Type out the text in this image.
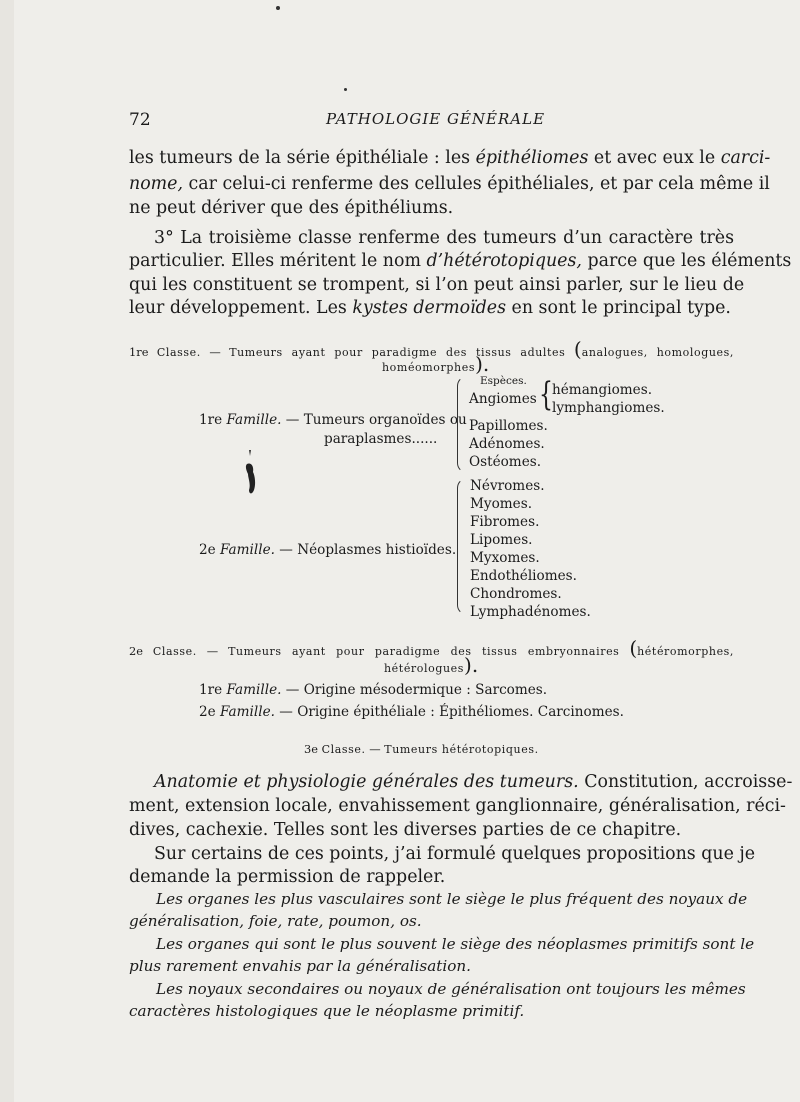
72	PATHOLOGIE GÉNÉRALE
les tumeurs de la série épithéliale : les épithéliomes et avec eux le carci-
nome, car celui-ci renferme des cellules épithéliales, et par cela même il
ne peut dériver que des épithéliums.
3° La troisième classe renferme des tumeurs d’un caractère très
particulier. Elles méritent le nom d’hétérotopiques, parce que les éléments
qui les constituent se trompent, si l’on peut ainsi parler, sur le lieu de
leur développement. Les kystes dermoïdes en sont le principal type.
1re Classe. — Tumeurs ayant pour paradigme des tissus adultes (analogues, homologues,
homéomorphes).
Espèces.
1re Famille. — Tumeurs organoïdes ou
paraplasmes......
Angiomes { hémangiomes.
lymphangiomes.
Papillomes.
Adénomes.
Ostéomes.
2e Famille. — Néoplasmes histioïdes.
Névromes.
Myomes.
Fibromes.
Lipomes.
Myxomes.
Endothéliomes.
Chondromes.
Lymphadénomes.
2e Classe. — Tumeurs ayant pour paradigme des tissus embryonnaires (hétéromorphes,
hétérologues).
1re Famille. — Origine mésodermique : Sarcomes.
2e Famille. — Origine épithéliale : Épithéliomes. Carcinomes.
3e Classe. — Tumeurs hétérotopiques.
Anatomie et physiologie générales des tumeurs. Constitution, accroisse-
ment, extension locale, envahissement ganglionnaire, généralisation, réci-
dives, cachexie. Telles sont les diverses parties de ce chapitre.
Sur certains de ces points, j’ai formulé quelques propositions que je
demande la permission de rappeler.
Les organes les plus vasculaires sont le siège le plus fréquent des noyaux de
généralisation, foie, rate, poumon, os.
Les organes qui sont le plus souvent le siège des néoplasmes primitifs sont le
plus rarement envahis par la généralisation.
Les noyaux secondaires ou noyaux de généralisation ont toujours les mêmes
caractères histologiques que le néoplasme primitif.
